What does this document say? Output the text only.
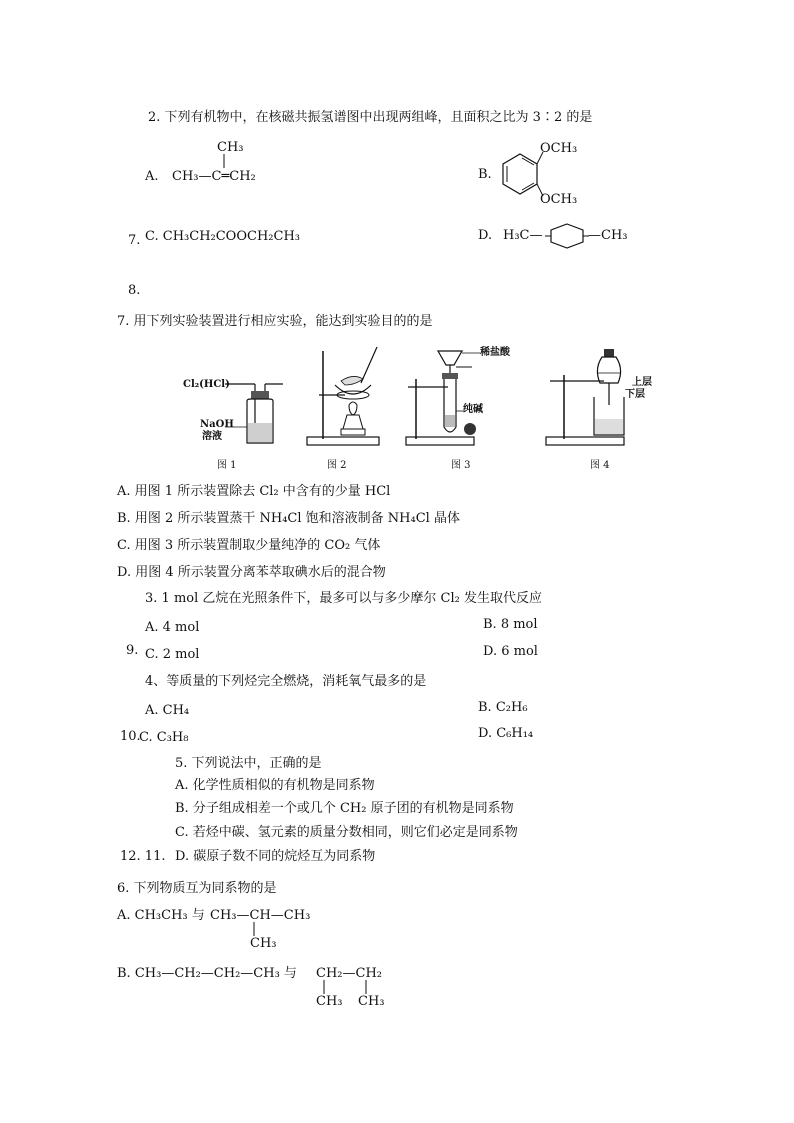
2. 下列有机物中，在核磁共振氢谱图中出现两组峰，且面积之比为 3∶2 的是
CH₃
A. CH₃—C═CH₂	B.
OCH₃
OCH₃
7. C. CH₃CH₂COOCH₂CH₃	D. H₃C—	—CH₃
8.
7. 用下列实验装置进行相应实验，能达到实验目的的是
Cl₂(HCl)
NaOH
溶液
图 1	图 2
稀盐酸
纯碱
图 3
上层
下层
图 4
A. 用图 1 所示装置除去 Cl₂ 中含有的少量 HCl
B. 用图 2 所示装置蒸干 NH₄Cl 饱和溶液制备 NH₄Cl 晶体
C. 用图 3 所示装置制取少量纯净的 CO₂ 气体
D. 用图 4 所示装置分离苯萃取碘水后的混合物
3. 1 mol 乙烷在光照条件下，最多可以与多少摩尔 Cl₂ 发生取代反应
A. 4 mol	B. 8 mol
9. C. 2 mol	D. 6 mol
4、等质量的下列烃完全燃烧，消耗氧气最多的是
A. CH₄	B. C₂H₆
10.
C. C₃H₈	D. C₆H₁₄
5. 下列说法中，正确的是
A. 化学性质相似的有机物是同系物
B. 分子组成相差一个或几个 CH₂ 原子团的有机物是同系物
C. 若烃中碳、氢元素的质量分数相同，则它们必定是同系物
12. 11. D. 碳原子数不同的烷烃互为同系物
6. 下列物质互为同系物的是
A. CH₃CH₃ 与 CH₃—CH—CH₃
CH₃
B. CH₃—CH₂—CH₂—CH₃ 与 CH₂—CH₂
CH₃ CH₃
